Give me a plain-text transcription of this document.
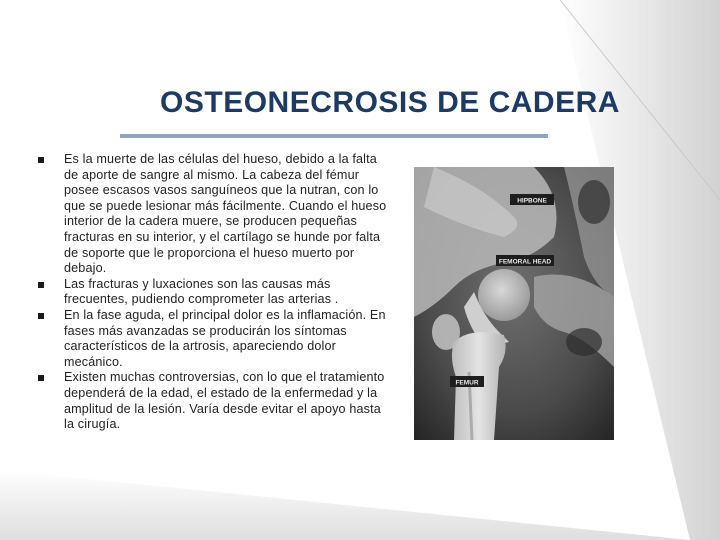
OSTEONECROSIS DE CADERA
Es la muerte de las células del hueso, debido a la falta de aporte de sangre al mismo. La cabeza del fémur posee escasos vasos sanguíneos que la nutran, con lo que se puede lesionar más fácilmente. Cuando el hueso interior de la cadera muere, se producen pequeñas fracturas en su interior, y el cartílago se hunde por falta de soporte que le proporciona el hueso muerto por debajo.
Las fracturas y luxaciones son las causas más frecuentes, pudiendo comprometer las arterias .
En la fase aguda, el principal dolor es la inflamación. En fases más avanzadas se producirán los síntomas característicos de la artrosis, apareciendo dolor mecánico.
Existen muchas controversias, con lo que el tratamiento dependerá de la edad, el estado de la enfermedad y la amplitud de la lesión. Varía desde evitar el apoyo hasta la cirugía.
HIPBONE
FEMORAL HEAD
FEMUR
